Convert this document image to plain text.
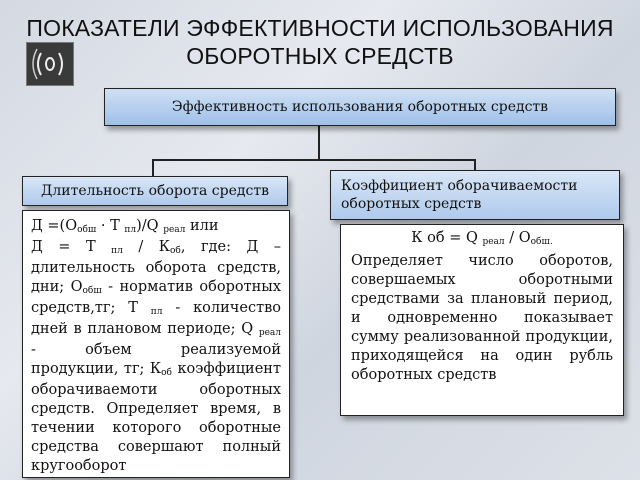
ПОКАЗАТЕЛИ ЭФФЕКТИВНОСТИ ИСПОЛЬЗОВАНИЯ
ОБОРОТНЫХ СРЕДСТВ
Эффективность использования оборотных средств
Длительность оборота средств	Коэффициент оборачиваемости оборотных средств
$Д =(О_{обш} \cdot Т$ $_{пл}$)/Q $_{реал}$ или
Д = Т $_{пл} / К_{об}$, где: Д – длительность оборота средств, дни; $О_{обш}$ - норматив оборотных средств,тг; Т $_{пл}$ - количество дней в плановом периоде; Q $_{реал}$ - объем реализуемой продукции, тг; $К_{об}$ коэффициент оборачиваемоти оборотных средств. Определяет время, в течении которого оборотные средства совершают полный кругооборот
К об = Q $_{реал} / О_{обш.}$
Определяет число оборотов, совершаемых оборотными средствами за плановый период, и одновременно показывает сумму реализованной продукции, приходящейся на один рубль оборотных средств
